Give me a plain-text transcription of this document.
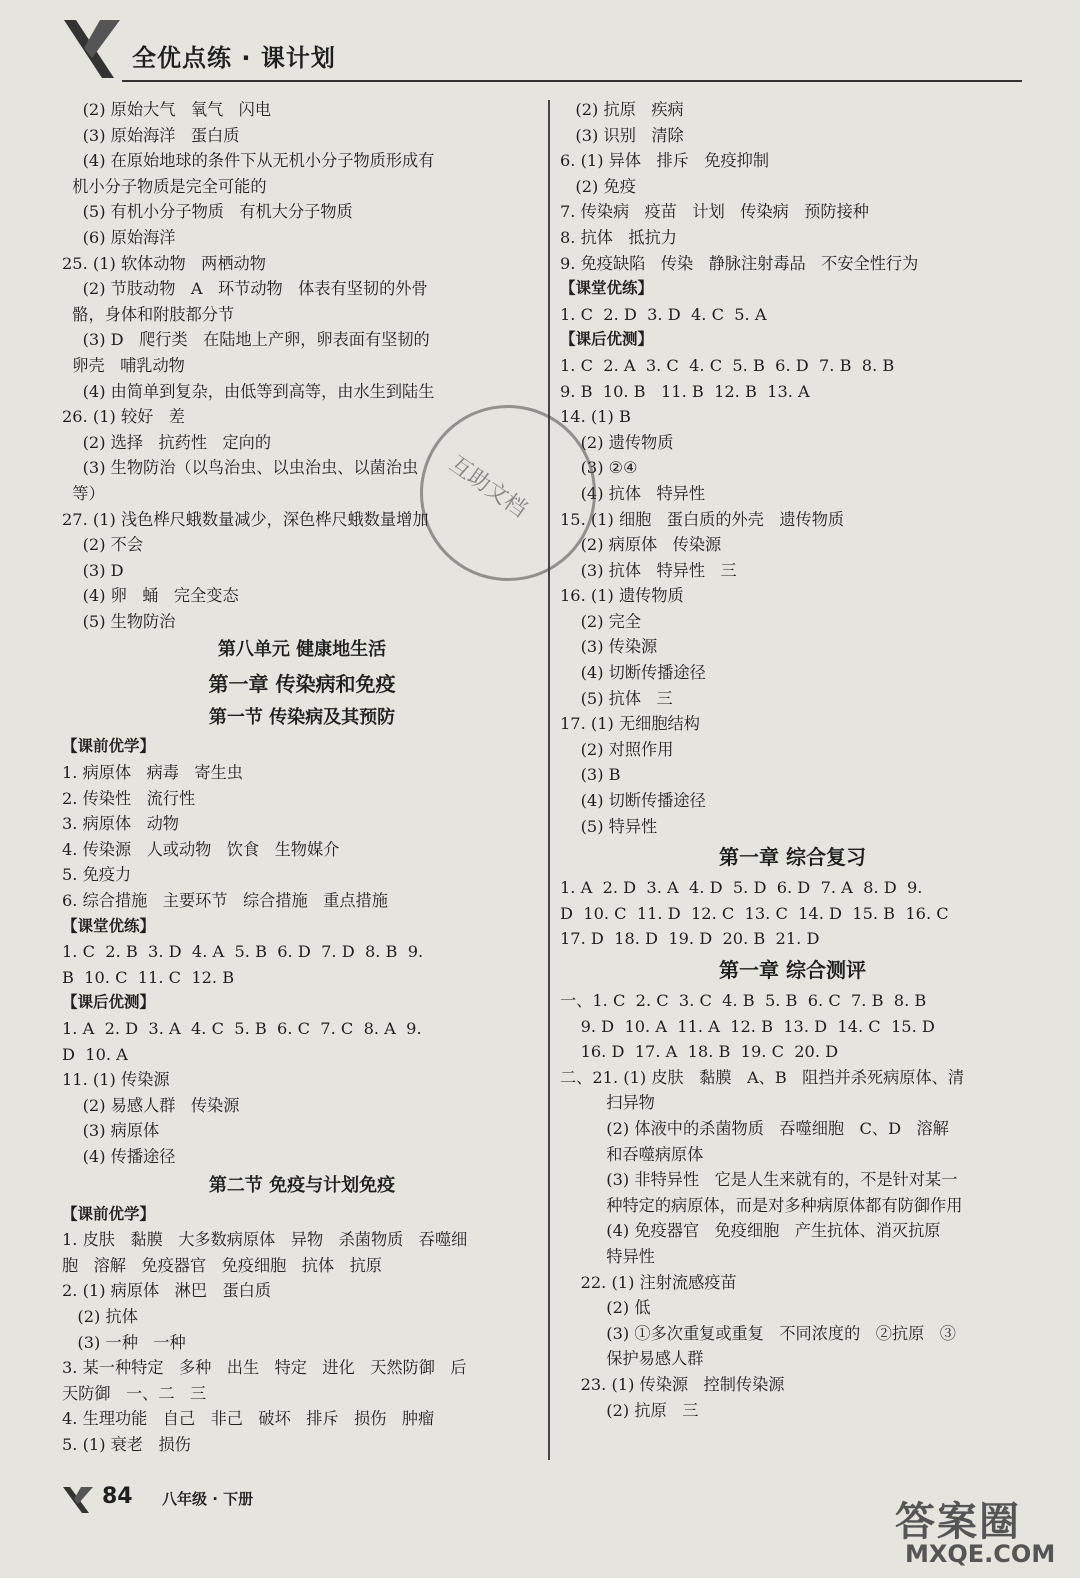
全优点练 · 课计划
(2) 原始大气   氧气   闪电
(3) 原始海洋   蛋白质
(4) 在原始地球的条件下从无机小分子物质形成有
机小分子物质是完全可能的
(5) 有机小分子物质   有机大分子物质
(6) 原始海洋
25. (1) 软体动物   两栖动物
(2) 节肢动物   A   环节动物   体表有坚韧的外骨
骼，身体和附肢都分节
(3) D   爬行类   在陆地上产卵，卵表面有坚韧的
卵壳   哺乳动物
(4) 由简单到复杂，由低等到高等，由水生到陆生
26. (1) 较好   差
(2) 选择   抗药性   定向的
(3) 生物防治（以鸟治虫、以虫治虫、以菌治虫
等）
27. (1) 浅色桦尺蛾数量减少，深色桦尺蛾数量增加
(2) 不会
(3) D
(4) 卵   蛹   完全变态
(5) 生物防治
第八单元 健康地生活
第一章 传染病和免疫
第一节 传染病及其预防
【课前优学】
1. 病原体   病毒   寄生虫
2. 传染性   流行性
3. 病原体   动物
4. 传染源   人或动物   饮食   生物媒介
5. 免疫力
6. 综合措施   主要环节   综合措施   重点措施
【课堂优练】
1. C  2. B  3. D  4. A  5. B  6. D  7. D  8. B  9.
B  10. C  11. C  12. B
【课后优测】
1. A  2. D  3. A  4. C  5. B  6. C  7. C  8. A  9.
D  10. A
11. (1) 传染源
(2) 易感人群   传染源
(3) 病原体
(4) 传播途径
第二节 免疫与计划免疫
【课前优学】
1. 皮肤   黏膜   大多数病原体   异物   杀菌物质   吞噬细
胞   溶解   免疫器官   免疫细胞   抗体   抗原
2. (1) 病原体   淋巴   蛋白质
(2) 抗体
(3) 一种   一种
3. 某一种特定   多种   出生   特定   进化   天然防御   后
天防御   一、二   三
4. 生理功能   自己   非己   破坏   排斥   损伤   肿瘤
5. (1) 衰老   损伤
(2) 抗原   疾病
(3) 识别   清除
6. (1) 异体   排斥   免疫抑制
(2) 免疫
7. 传染病   疫苗   计划   传染病   预防接种
8. 抗体   抵抗力
9. 免疫缺陷   传染   静脉注射毒品   不安全性行为
【课堂优练】
1. C  2. D  3. D  4. C  5. A
【课后优测】
1. C  2. A  3. C  4. C  5. B  6. D  7. B  8. B
9. B  10. B   11. B  12. B  13. A
14. (1) B
(2) 遗传物质
(3) ②④
(4) 抗体   特异性
15. (1) 细胞   蛋白质的外壳   遗传物质
(2) 病原体   传染源
(3) 抗体   特异性   三
16. (1) 遗传物质
(2) 完全
(3) 传染源
(4) 切断传播途径
(5) 抗体   三
17. (1) 无细胞结构
(2) 对照作用
(3) B
(4) 切断传播途径
(5) 特异性
第一章 综合复习
1. A  2. D  3. A  4. D  5. D  6. D  7. A  8. D  9.
D  10. C  11. D  12. C  13. C  14. D  15. B  16. C
17. D  18. D  19. D  20. B  21. D
第一章 综合测评
一、1. C  2. C  3. C  4. B  5. B  6. C  7. B  8. B
9. D  10. A  11. A  12. B  13. D  14. C  15. D
16. D  17. A  18. B  19. C  20. D
二、21. (1) 皮肤   黏膜   A、B   阻挡并杀死病原体、清
扫异物
(2) 体液中的杀菌物质   吞噬细胞   C、D   溶解
和吞噬病原体
(3) 非特异性   它是人生来就有的，不是针对某一
种特定的病原体，而是对多种病原体都有防御作用
(4) 免疫器官   免疫细胞   产生抗体、消灭抗原
特异性
22. (1) 注射流感疫苗
(2) 低
(3) ①多次重复或重复   不同浓度的   ②抗原   ③
保护易感人群
23. (1) 传染源   控制传染源
(2) 抗原   三
互助文档
84 八年级 · 下册	答案圈
MXQE.COM
